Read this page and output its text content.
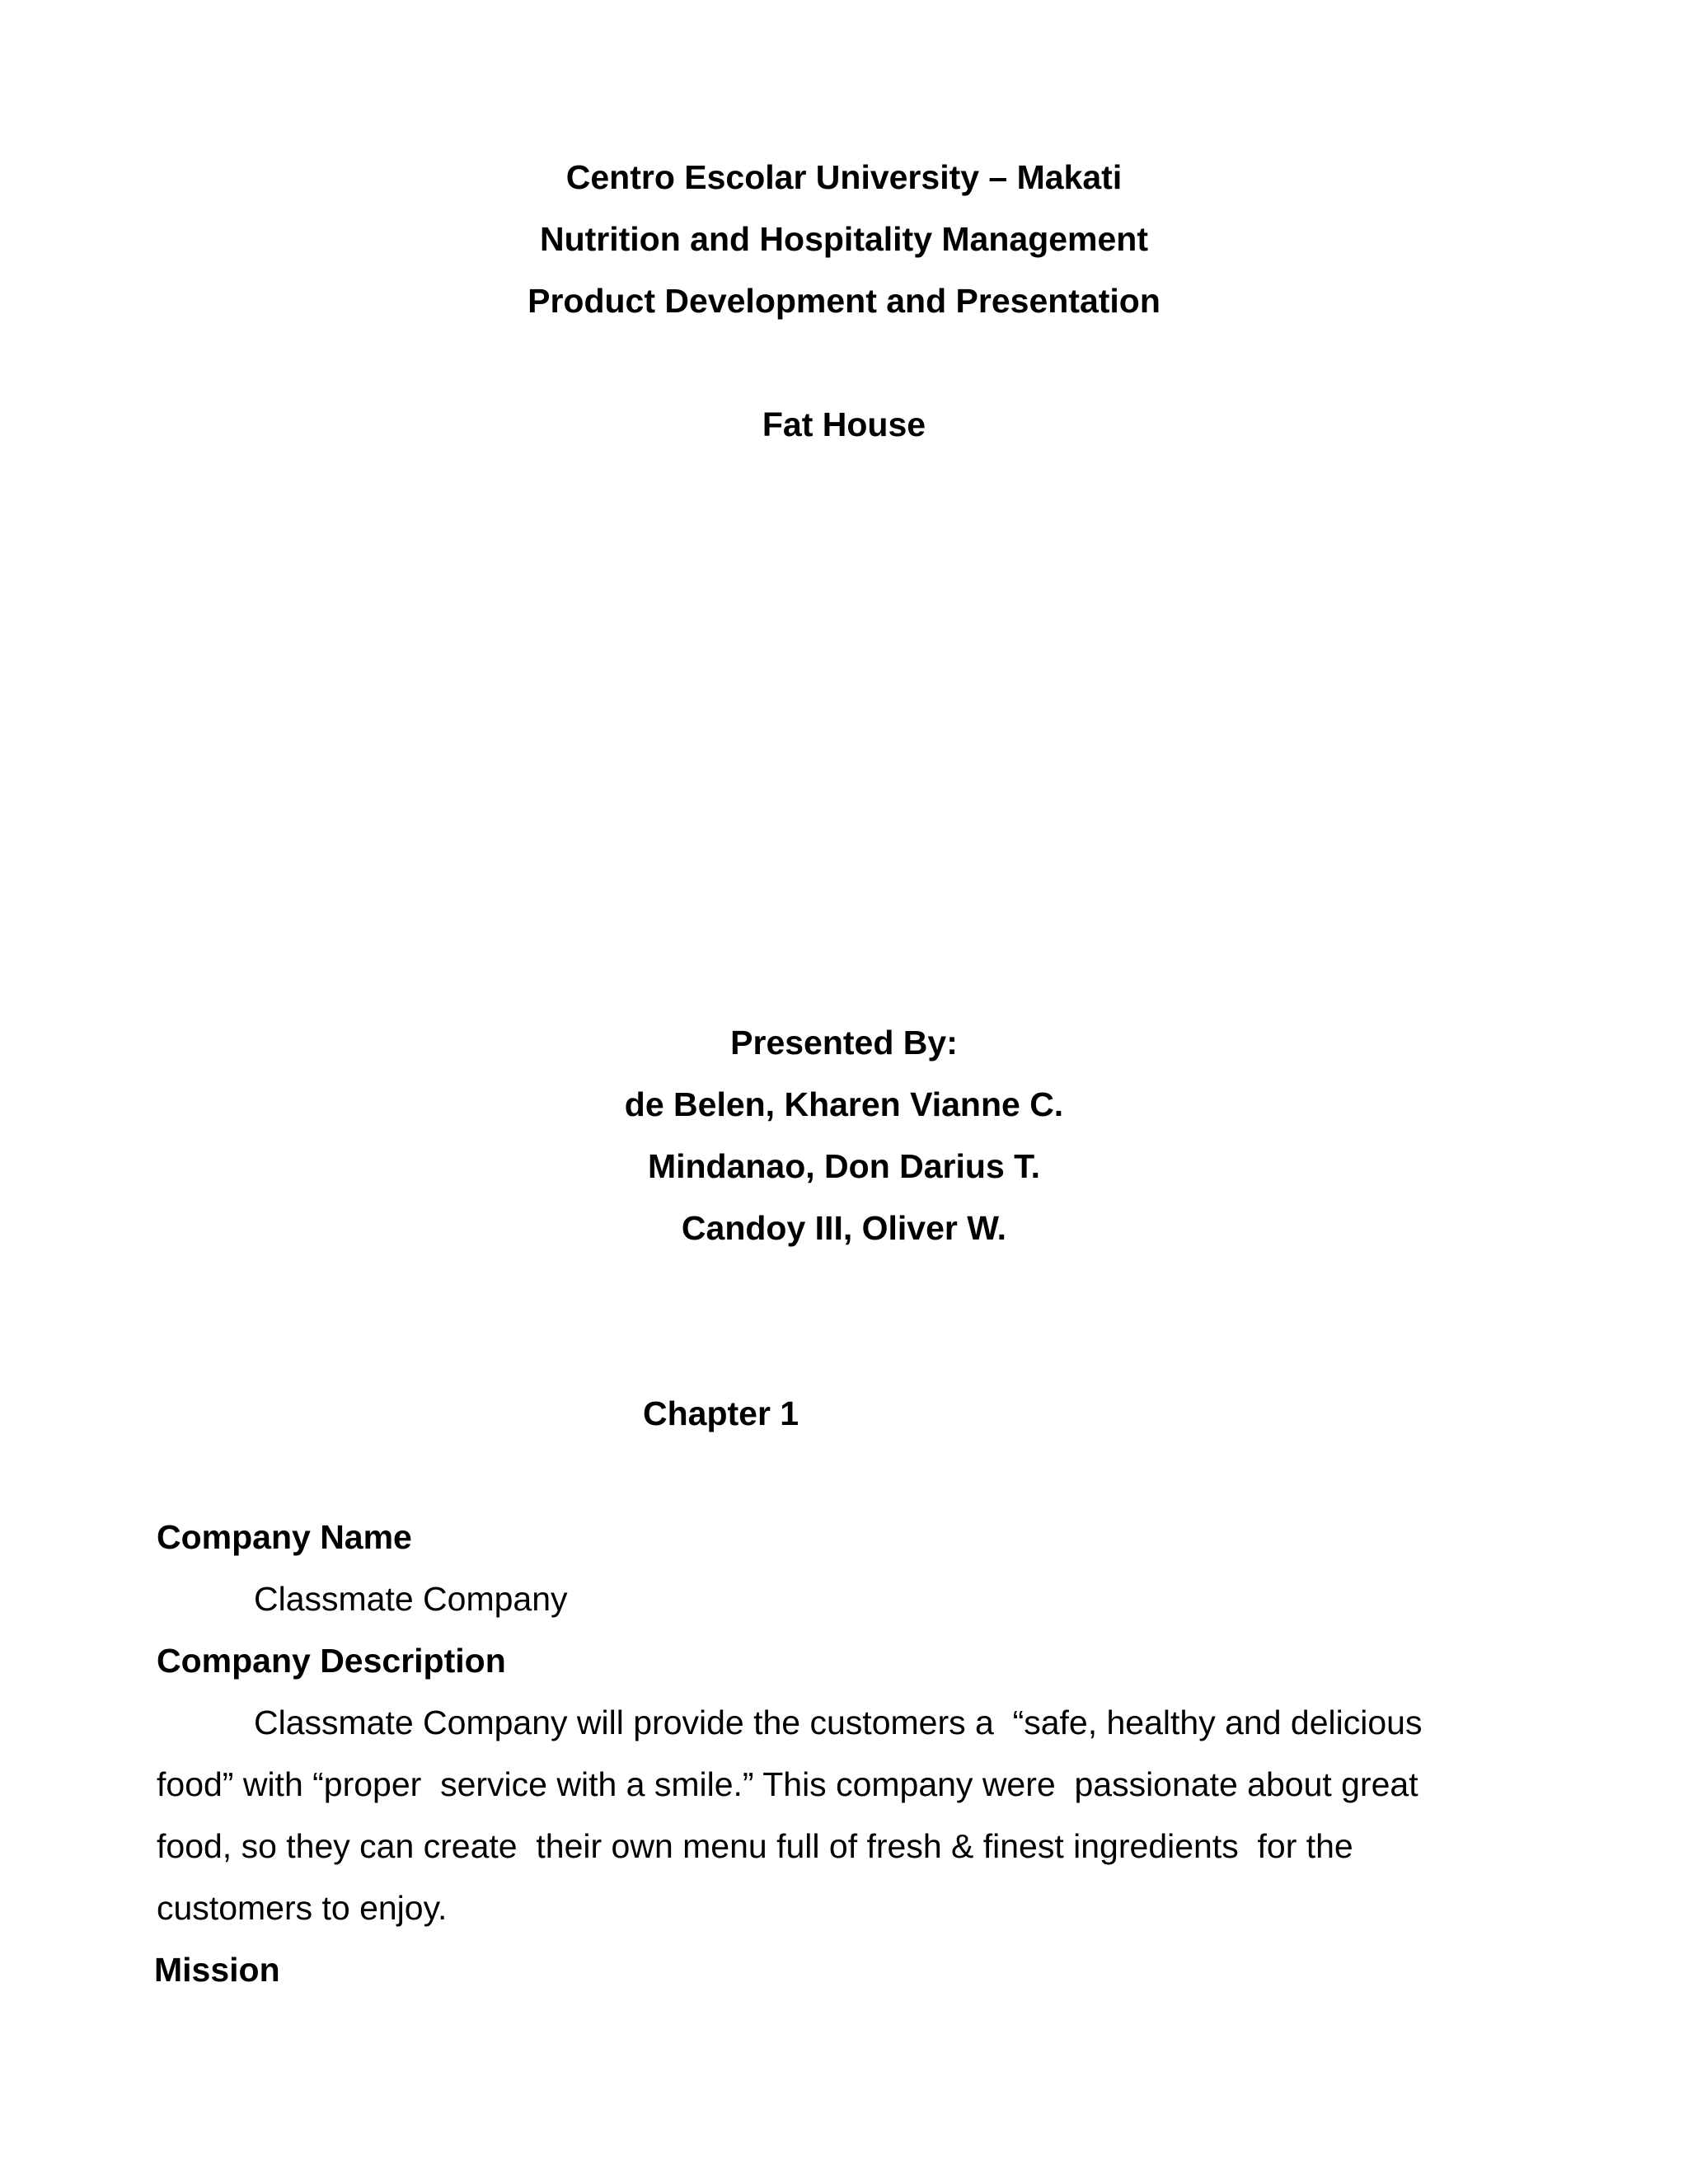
Centro Escolar University – Makati
Nutrition and Hospitality Management
Product Development and Presentation
Fat House
Presented By:
de Belen, Kharen Vianne C.
Mindanao, Don Darius T.
Candoy III, Oliver W.
Chapter 1
Company Name
Classmate Company
Company Description
Classmate Company will provide the customers a  “safe, healthy and delicious
food” with “proper  service with a smile.” This company were  passionate about great
food, so they can create  their own menu full of fresh & finest ingredients  for the
customers to enjoy.
Mission
